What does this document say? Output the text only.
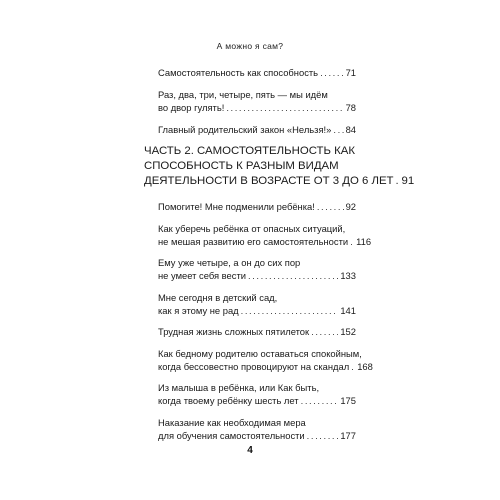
А можно я сам?
Самостоятельность как способность .....	71
Раз, два, три, четыре, пять — мы идём
во двор гулять! .....	78
Главный родительский закон «Нельзя!» ..... 84
ЧАСТЬ 2. САМОСТОЯТЕЛЬНОСТЬ КАК
СПОСОБНОСТЬ К РАЗНЫМ ВИДАМ
ДЕЯТЕЛЬНОСТИ В ВОЗРАСТЕ ОТ 3 ДО 6 ЛЕТ ..... 91
Помогите! Мне подменили ребёнка! .....	92
Как уберечь ребёнка от опасных ситуаций,
не мешая развитию его самостоятельности ..... 116
Ему уже четыре, а он до сих пор
не умеет себя вести .....	133
Мне сегодня в детский сад,
как я этому не рад .....	141
Трудная жизнь сложных пятилеток .....	152
Как бедному родителю оставаться спокойным,
когда бессовестно провоцируют на скандал ..... 168
Из малыша в ребёнка, или Как быть,
когда твоему ребёнку шесть лет .....	175
Наказание как необходимая мера
для обучения самостоятельности .....	177
4
